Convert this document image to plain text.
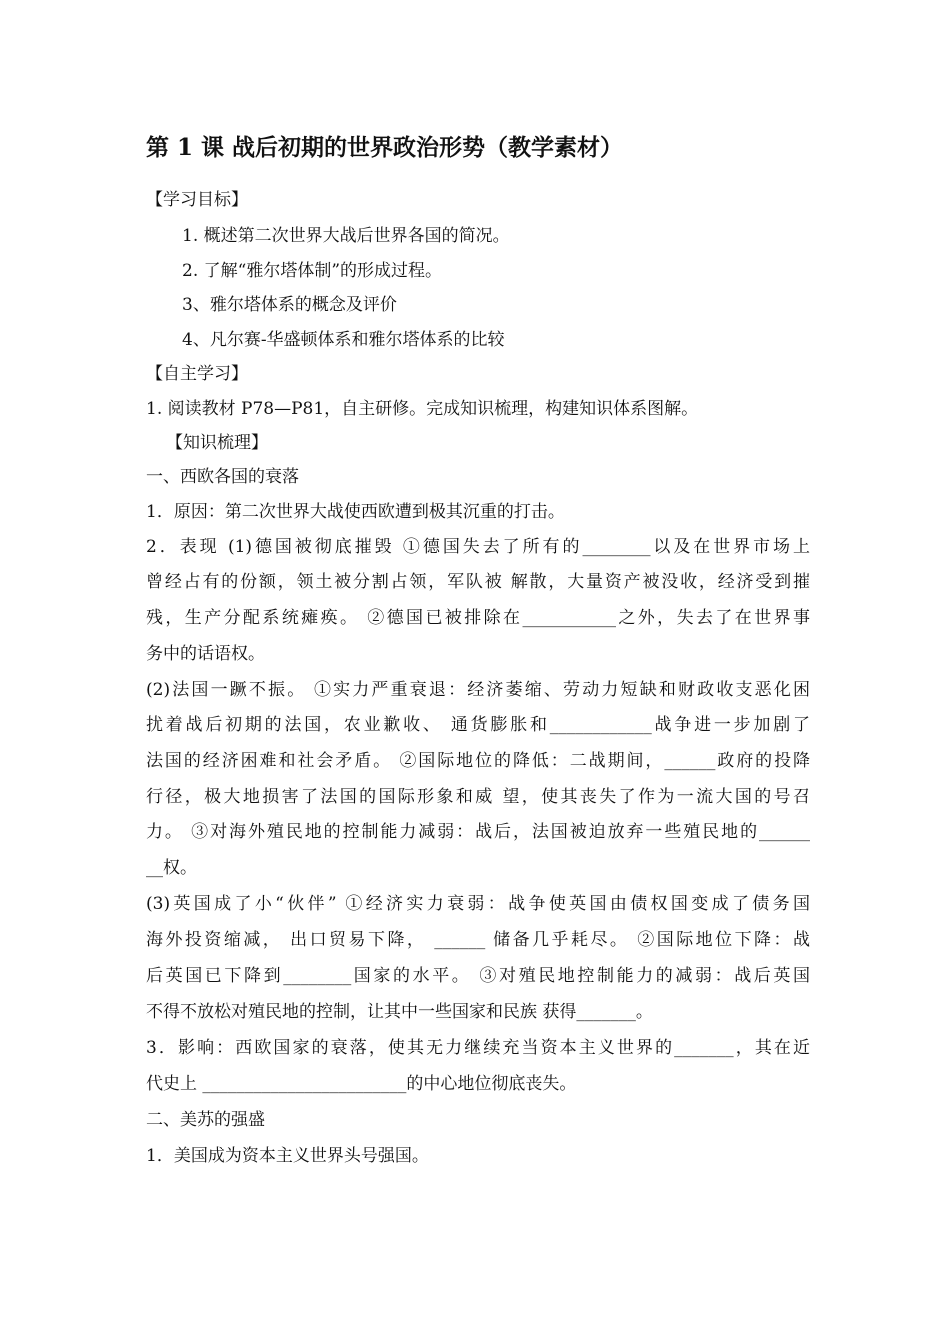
第 1 课 战后初期的世界政治形势（教学素材）
【学习目标】
1. 概述第二次世界大战后世界各国的简况。
2. 了解“雅尔塔体制”的形成过程。
3、雅尔塔体系的概念及评价
4、凡尔赛-华盛顿体系和雅尔塔体系的比较
【自主学习】
1. 阅读教材 P78—P81，自主研修。完成知识梳理，构建知识体系图解。
【知识梳理】
一、西欧各国的衰落
1．原因：第二次世界大战使西欧遭到极其沉重的打击。
2．表现 (1)德国被彻底摧毁 ①德国失去了所有的________以及在世界市场上
曾经占有的份额，领土被分割占领，军队被 解散，大量资产被没收，经济受到摧
残，生产分配系统瘫痪。 ②德国已被排除在___________之外，失去了在世界事
务中的话语权。
(2)法国一蹶不振。 ①实力严重衰退：经济萎缩、劳动力短缺和财政收支恶化困
扰着战后初期的法国，农业歉收、 通货膨胀和____________战争进一步加剧了
法国的经济困难和社会矛盾。 ②国际地位的降低：二战期间，______政府的投降
行径，极大地损害了法国的国际形象和威 望，使其丧失了作为一流大国的号召
力。 ③对海外殖民地的控制能力减弱：战后，法国被迫放弃一些殖民地的______
__权。
(3)英国成了小“伙伴” ①经济实力衰弱：战争使英国由债权国变成了债务国
海外投资缩减， 出口贸易下降， ______ 储备几乎耗尽。 ②国际地位下降：战
后英国已下降到________国家的水平。 ③对殖民地控制能力的减弱：战后英国
不得不放松对殖民地的控制，让其中一些国家和民族 获得_______。
3．影响：西欧国家的衰落，使其无力继续充当资本主义世界的_______，其在近
代史上 ________________________的中心地位彻底丧失。
二、美苏的强盛
1．美国成为资本主义世界头号强国。
